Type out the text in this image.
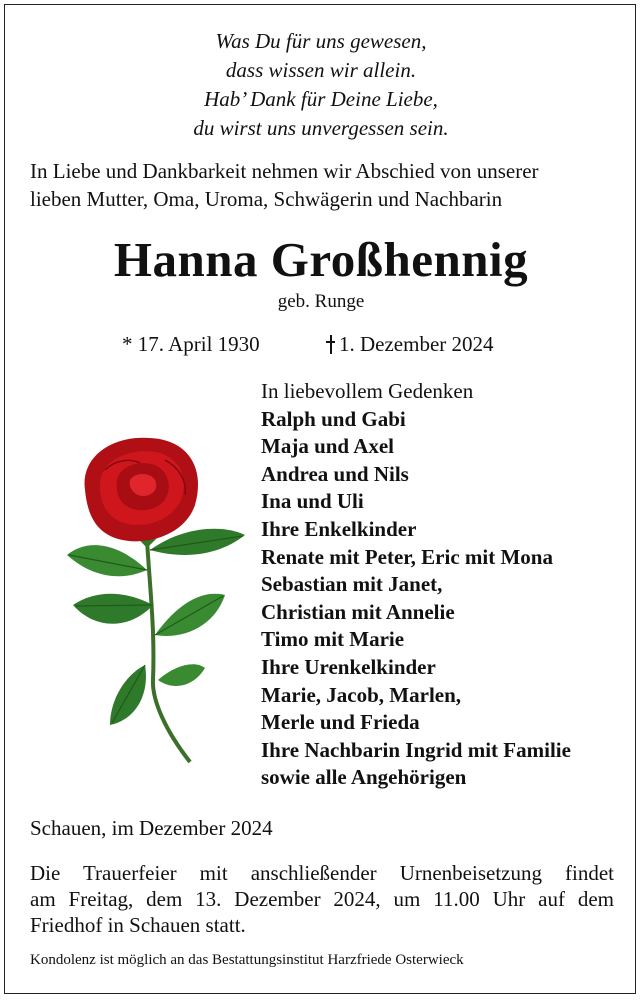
Was Du für uns gewesen,
dass wissen wir allein.
Hab’ Dank für Deine Liebe,
du wirst uns unvergessen sein.
In Liebe und Dankbarkeit nehmen wir Abschied von unserer
lieben Mutter, Oma, Uroma, Schwägerin und Nachbarin
Hanna Großhennig
geb. Runge
* 17. April 1930	1. Dezember 2024
In liebevollem Gedenken
Ralph und Gabi
Maja und Axel
Andrea und Nils
Ina und Uli
Ihre Enkelkinder
Renate mit Peter, Eric mit Mona
Sebastian mit Janet,
Christian mit Annelie
Timo mit Marie
Ihre Urenkelkinder
Marie, Jacob, Marlen,
Merle und Frieda
Ihre Nachbarin Ingrid mit Familie
sowie alle Angehörigen
Schauen, im Dezember 2024
Die Trauerfeier mit anschließender Urnenbeisetzung findet
am Freitag, dem 13. Dezember 2024, um 11.00 Uhr auf dem
Friedhof in Schauen statt.
Kondolenz ist möglich an das Bestattungsinstitut Harzfriede Osterwieck
